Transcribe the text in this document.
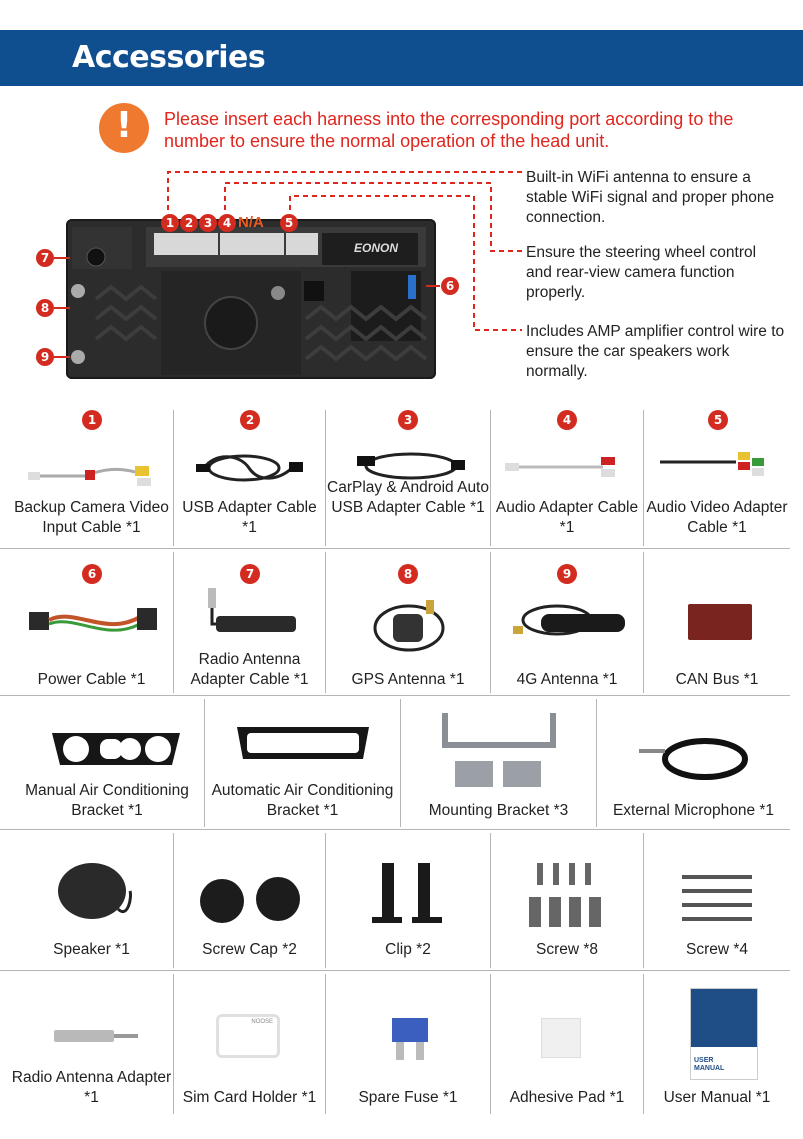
Accessories
!	Please insert each harness into the corresponding port according to the number to ensure the normal operation of the head unit.
EONON
1 2 3 4 N/A	5
6
7
8
9
Built-in WiFi antenna to ensure a stable WiFi signal and proper phone connection.
Ensure the steering wheel control and rear-view camera function properly.
Includes AMP amplifier control wire to ensure the car speakers work normally.
1
Backup Camera Video Input Cable *1
2
USB Adapter Cable *1
3
CarPlay & Android Auto USB Adapter Cable *1
4
Audio Adapter Cable *1
5
Audio Video Adapter Cable *1
6
Power Cable *1
7
Radio Antenna Adapter Cable *1
8
GPS Antenna *1
9
4G Antenna *1	CAN Bus *1
Manual Air Conditioning Bracket *1
Automatic Air Conditioning Bracket *1	Mounting Bracket *3	External Microphone *1
Speaker *1	Screw Cap *2	Clip *2	Screw *8	Screw *4
Radio Antenna Adapter *1
NOOSE
Sim Card Holder *1	Spare Fuse *1	Adhesive Pad *1
USER MANUAL
User Manual *1
